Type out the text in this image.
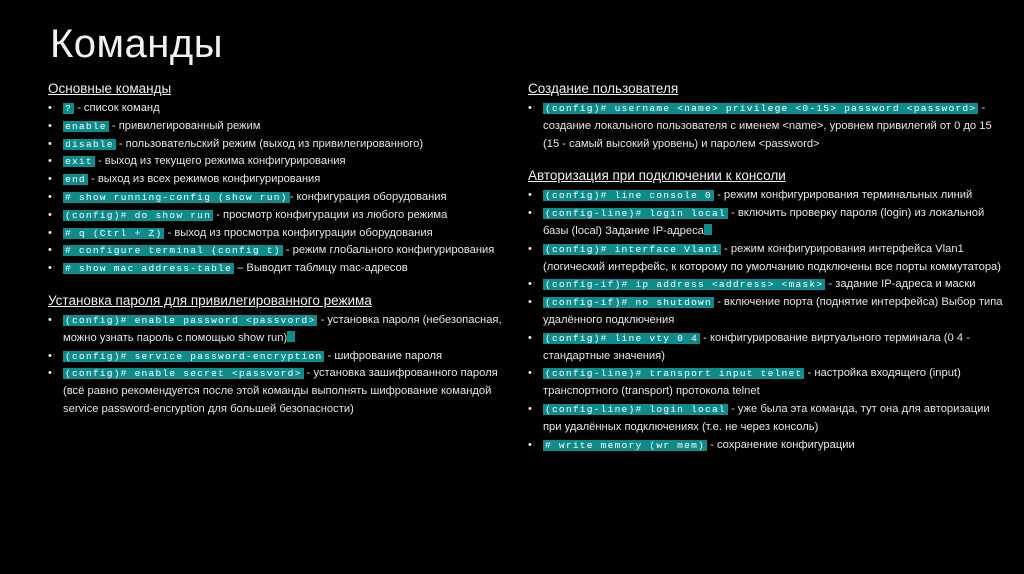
Команды
Основные команды
• ? - список команд
• enable - привилегированный режим
• disable - пользовательский режим (выход из привилегированного)
• exit - выход из текущего режима конфигурирования
• end - выход из всех режимов конфигурирования
• # show running-config (show run) - конфигурация оборудования
• (config)# do show run - просмотр конфигурации из любого режима
• # q (Ctrl + Z) - выход из просмотра конфигурации оборудования
• # configure terminal (config t) - режим глобального конфигурирования
• # show mac address-table – Выводит таблицу mac-адресов
Установка пароля для привилегированного режима
• (config)# enable password <passvord> - установка пароля (небезопасная, можно узнать пароль с помощью show run)
• (config)# service password-encryption - шифрование пароля
• (config)# enable secret <passvord> - установка зашифрованного пароля (всё равно рекомендуется после этой команды выполнять шифрование командой service password-encryption для большей безопасности)
Создание пользователя
• (config)# username <name> privilege <0-15> password <password> - создание локального пользователя с именем <name>, уровнем привилегий от 0 до 15 (15 - самый высокий уровень) и паролем <password>
Авторизация при подключении к консоли
• (config)# line console 0 - режим конфигурирования терминальных линий
• (config-line)# login local - включить проверку пароля (login) из локальной базы (local) Задание IP-адреса
• (config)# interface Vlan1 - режим конфигурирования интерфейса Vlan1 (логический интерфейс, к которому по умолчанию подключены все порты коммутатора)
• (config-if)# ip address <address> <mask> - задание IP-адреса и маски
• (config-if)# no shutdown - включение порта (поднятие интерфейса) Выбор типа удалённого подключения
• (config)# line vty 0 4 - конфигурирование виртуального терминала (0 4 - стандартные значения)
• (config-line)# transport input telnet - настройка входящего (input) транспортного (transport) протокола telnet
• (config-line)# login local - уже была эта команда, тут она для авторизации при удалённых подключениях (т.е. не через консоль)
• # write memory (wr mem) - сохранение конфигурации
